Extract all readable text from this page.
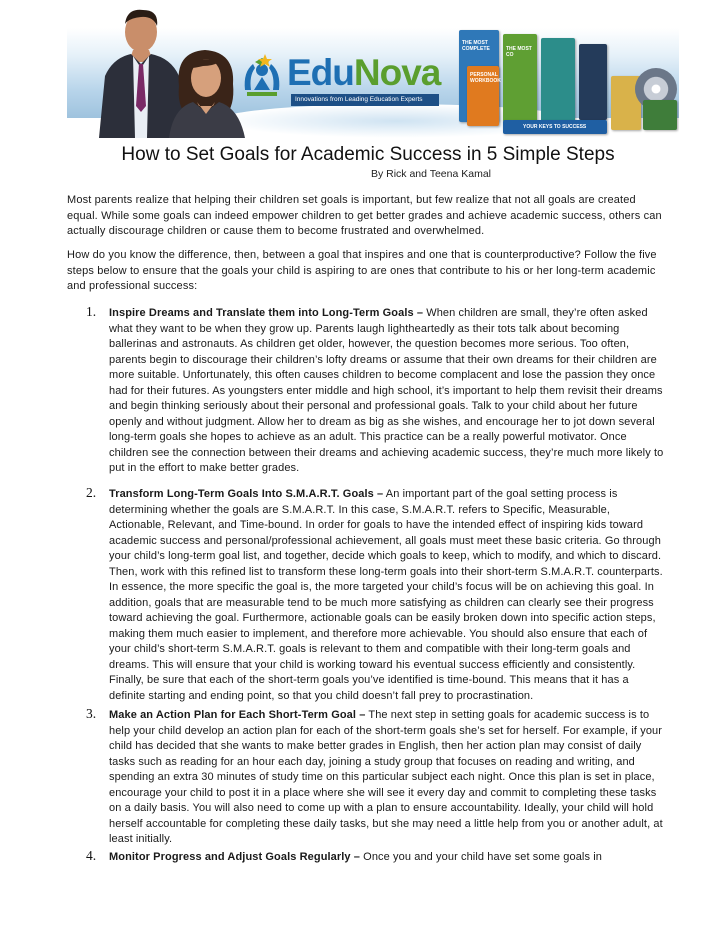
EduNova
Innovations from Leading Education Experts
THE MOST COMPLETE
PERSONAL WORKBOOK
THE MOST CO
YOUR KEYS TO SUCCESS
How to Set Goals for Academic Success in 5 Simple Steps
By Rick and Teena Kamal

Most parents realize that helping their children set goals is important, but few realize that not all goals are created equal. While some goals can indeed empower children to get better grades and achieve academic success, others can actually discourage children or cause them to become frustrated and overwhelmed.

How do you know the difference, then, between a goal that inspires and one that is counterproductive? Follow the five steps below to ensure that the goals your child is aspiring to are ones that contribute to his or her long-term academic and professional success:

1. Inspire Dreams and Translate them into Long-Term Goals – When children are small, they’re often asked what they want to be when they grow up. Parents laugh lightheartedly as their tots talk about becoming ballerinas and astronauts. As children get older, however, the question becomes more serious. Too often, parents begin to discourage their children’s lofty dreams or assume that their own dreams for their children are more suitable. Unfortunately, this often causes children to become complacent and lose the passion they once had for their futures. As youngsters enter middle and high school, it’s important to help them revisit their dreams and begin thinking seriously about their personal and professional goals. Talk to your child about her future openly and without judgment. Allow her to dream as big as she wishes, and encourage her to jot down several long-term goals she hopes to achieve as an adult. This practice can be a really powerful motivator. Once children see the connection between their dreams and achieving academic success, they’re much more likely to put in the effort to make better grades.

2. Transform Long-Term Goals Into S.M.A.R.T. Goals – An important part of the goal setting process is determining whether the goals are S.M.A.R.T. In this case, S.M.A.R.T. refers to Specific, Measurable, Actionable, Relevant, and Time-bound. In order for goals to have the intended effect of inspiring kids toward academic success and personal/professional achievement, all goals must meet these basic criteria. Go through your child’s long-term goal list, and together, decide which goals to keep, which to modify, and which to discard. Then, work with this refined list to transform these long-term goals into their short-term S.M.A.R.T. counterparts. In essence, the more specific the goal is, the more targeted your child’s focus will be on achieving this goal. In addition, goals that are measurable tend to be much more satisfying as children can clearly see their progress toward achieving the goal. Furthermore, actionable goals can be easily broken down into specific action steps, making them much easier to implement, and therefore more achievable. You should also ensure that each of your child’s short-term S.M.A.R.T. goals is relevant to them and compatible with their long-term goals and dreams. This will ensure that your child is working toward his eventual success efficiently and consistently. Finally, be sure that each of the short-term goals you’ve identified is time-bound. This means that it has a definite starting and ending point, so that you child doesn’t fall prey to procrastination.

3. Make an Action Plan for Each Short-Term Goal – The next step in setting goals for academic success is to help your child develop an action plan for each of the short-term goals she’s set for herself. For example, if your child has decided that she wants to make better grades in English, then her action plan may consist of daily tasks such as reading for an hour each day, joining a study group that focuses on reading and writing, and spending an extra 30 minutes of study time on this particular subject each night. Once this plan is set in place, encourage your child to post it in a place where she will see it every day and commit to completing these tasks on a daily basis. You will also need to come up with a plan to ensure accountability. Ideally, your child will hold herself accountable for completing these daily tasks, but she may need a little help from you or another adult, at least initially.

4. Monitor Progress and Adjust Goals Regularly – Once you and your child have set some goals in
